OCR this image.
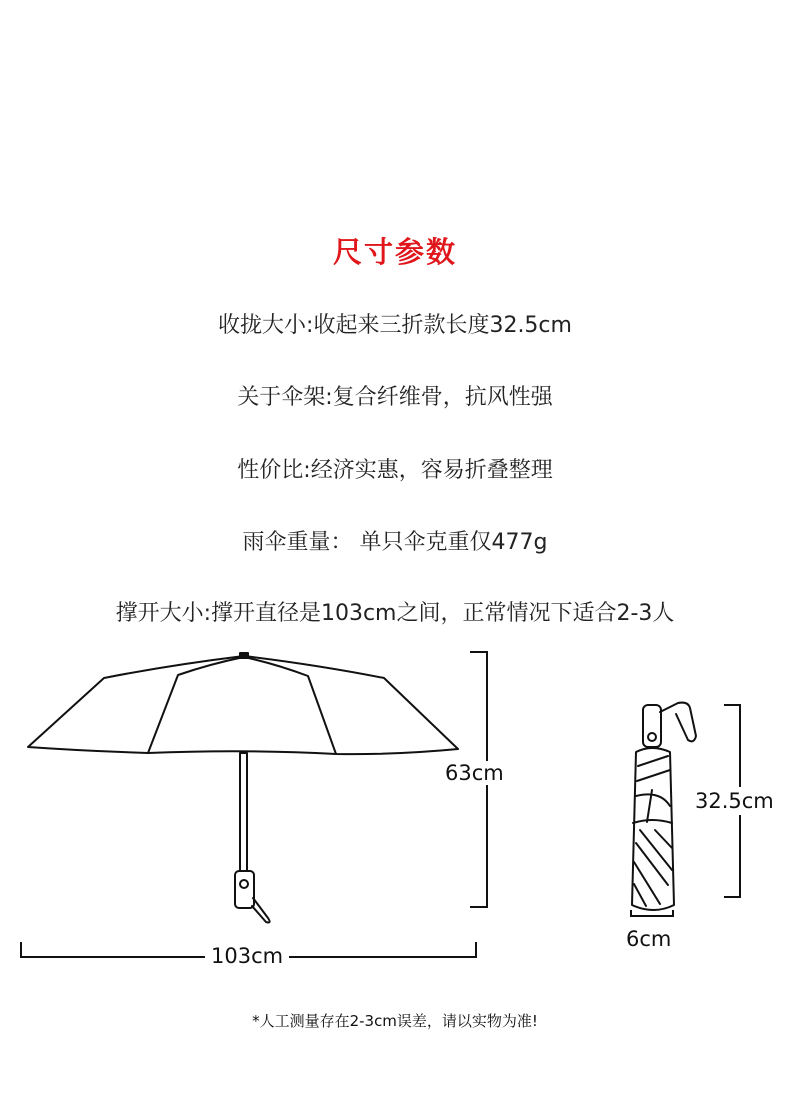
尺寸参数
收拢大小:收起来三折款长度32.5cm
关于伞架:复合纤维骨，抗风性强
性价比:经济实惠，容易折叠整理
雨伞重量： 单只伞克重仅477g
撑开大小:撑开直径是103cm之间，正常情况下适合2-3人
63cm
103cm
32.5cm
6cm
*人工测量存在2-3cm误差，请以实物为准!
